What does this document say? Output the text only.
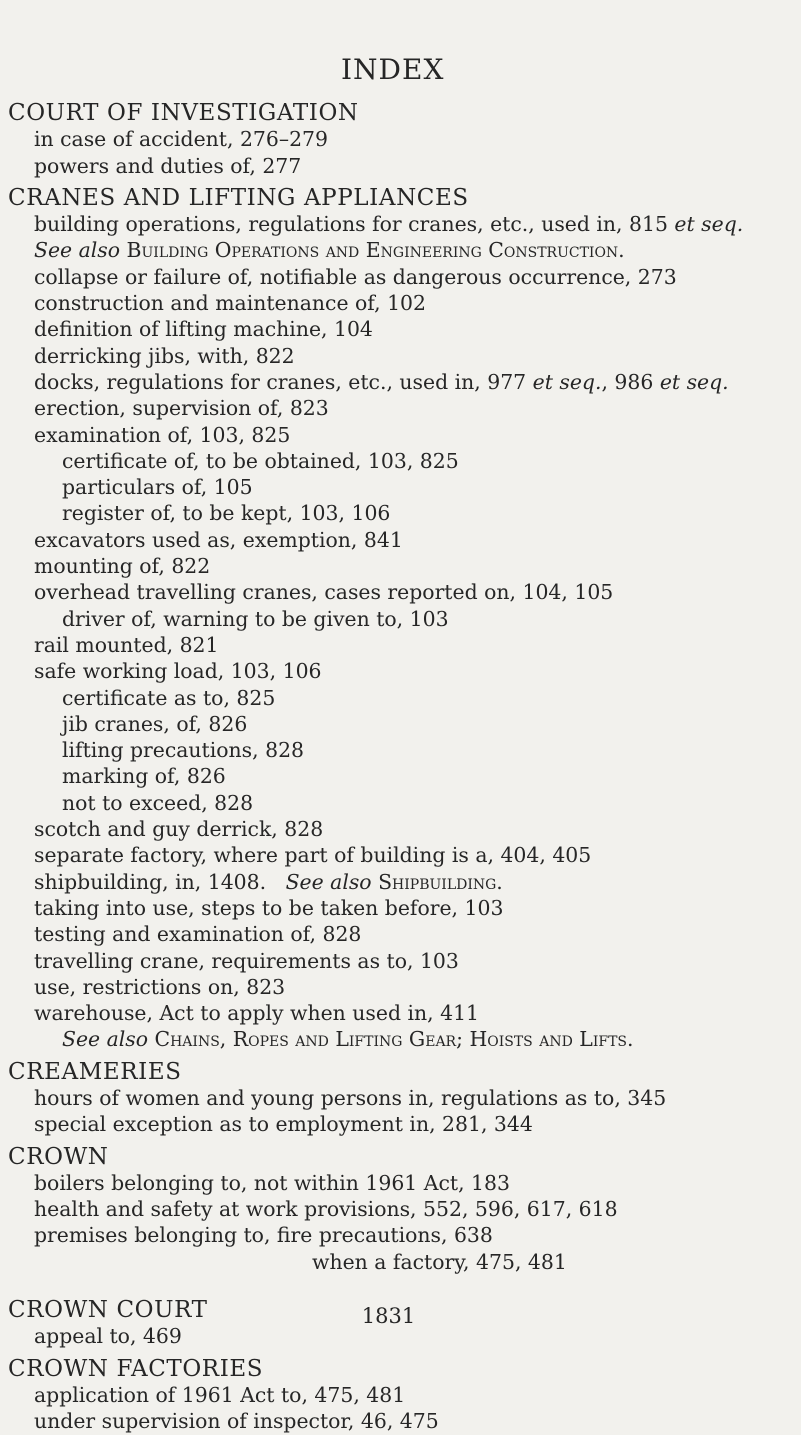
INDEX

COURT OF INVESTIGATION

in case of accident, 276–279

powers and duties of, 277

CRANES AND LIFTING APPLIANCES

building operations, regulations for cranes, etc., used in, 815 et seq.

See also Building Operations and Engineering Construction.

collapse or failure of, notifiable as dangerous occurrence, 273

construction and maintenance of, 102

definition of lifting machine, 104

derricking jibs, with, 822

docks, regulations for cranes, etc., used in, 977 et seq., 986 et seq.

erection, supervision of, 823

examination of, 103, 825

certificate of, to be obtained, 103, 825

particulars of, 105

register of, to be kept, 103, 106

excavators used as, exemption, 841

mounting of, 822

overhead travelling cranes, cases reported on, 104, 105

driver of, warning to be given to, 103

rail mounted, 821

safe working load, 103, 106

certificate as to, 825

jib cranes, of, 826

lifting precautions, 828

marking of, 826

not to exceed, 828

scotch and guy derrick, 828

separate factory, where part of building is a, 404, 405

shipbuilding, in, 1408. See also Shipbuilding.

taking into use, steps to be taken before, 103

testing and examination of, 828

travelling crane, requirements as to, 103

use, restrictions on, 823

warehouse, Act to apply when used in, 411

See also Chains, Ropes and Lifting Gear; Hoists and Lifts.

CREAMERIES

hours of women and young persons in, regulations as to, 345

special exception as to employment in, 281, 344

CROWN

boilers belonging to, not within 1961 Act, 183

health and safety at work provisions, 552, 596, 617, 618

premises belonging to, fire precautions, 638

when a factory, 475, 481

CROWN COURT

appeal to, 469

CROWN FACTORIES

application of 1961 Act to, 475, 481

under supervision of inspector, 46, 475

1831
